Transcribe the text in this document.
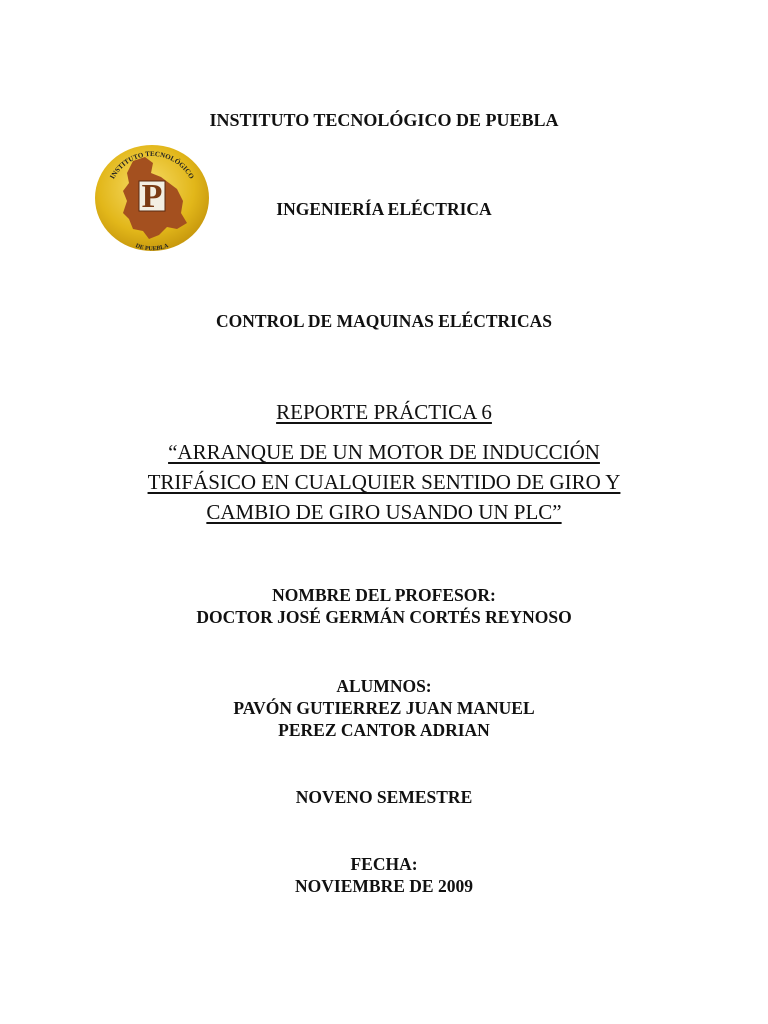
P
INSTITUTO TECNOLÓGICO
DE PUEBLA
INSTITUTO TECNOLÓGICO DE PUEBLA
INGENIERÍA ELÉCTRICA
CONTROL DE MAQUINAS ELÉCTRICAS
REPORTE PRÁCTICA 6
“ARRANQUE DE UN MOTOR DE INDUCCIÓN
TRIFÁSICO EN CUALQUIER SENTIDO DE GIRO Y
CAMBIO DE GIRO USANDO UN PLC”
NOMBRE DEL PROFESOR:
DOCTOR JOSÉ GERMÁN CORTÉS REYNOSO
ALUMNOS:
PAVÓN GUTIERREZ JUAN MANUEL
PEREZ CANTOR ADRIAN
NOVENO SEMESTRE
FECHA:
NOVIEMBRE DE 2009
